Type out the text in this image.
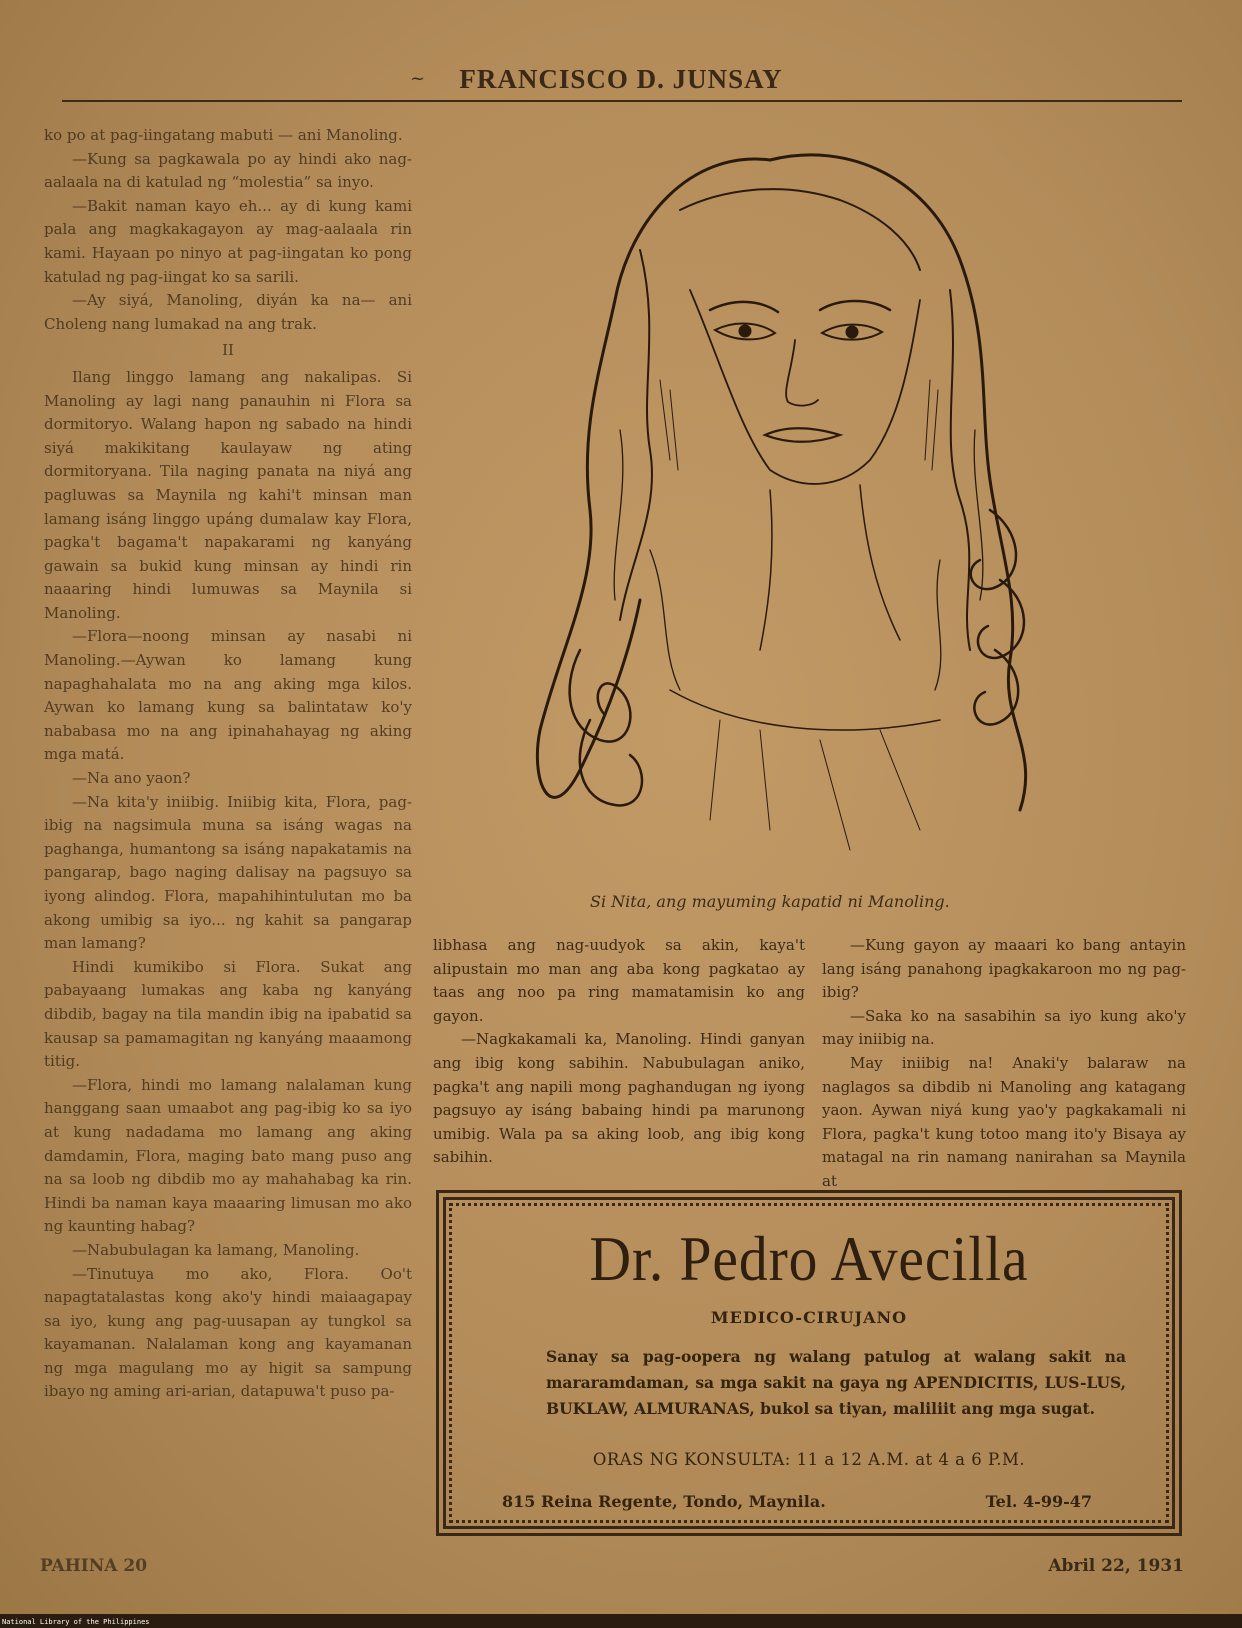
~	FRANCISCO D. JUNSAY

ko po at pag-iingatang mabuti — ani Manoling.

—Kung sa pagkawala po ay hindi ako nag-aalaala na di katulad ng “molestia” sa inyo.

—Bakit naman kayo eh... ay di kung kami pala ang magkakagayon ay mag-aalaala rin kami. Hayaan po ninyo at pag-iingatan ko pong katulad ng pag-iingat ko sa sarili.

—Ay siyá, Manoling, diyán ka na— ani Choleng nang lumakad na ang trak.

II

Ilang linggo lamang ang nakalipas. Si Manoling ay lagi nang panauhin ni Flora sa dormitoryo. Walang hapon ng sabado na hindi siyá makikitang kaulayaw ng ating dormitoryana. Tila naging panata na niyá ang pagluwas sa Maynila ng kahi't minsan man lamang isáng linggo upáng dumalaw kay Flora, pagka't bagama't napakarami ng kanyáng gawain sa bukid kung minsan ay hindi rin naaaring hindi lumuwas sa Maynila si Manoling.

—Flora—noong minsan ay nasabi ni Manoling.—Aywan ko lamang kung napaghahalata mo na ang aking mga kilos. Aywan ko lamang kung sa balintataw ko'y nababasa mo na ang ipinahahayag ng aking mga matá.

—Na ano yaon?

—Na kita'y iniibig. Iniibig kita, Flora, pag-ibig na nagsimula muna sa isáng wagas na paghanga, humantong sa isáng napakatamis na pangarap, bago naging dalisay na pagsuyo sa iyong alindog. Flora, mapahihintulutan mo ba akong umibig sa iyo... ng kahit sa pangarap man lamang?

Hindi kumikibo si Flora. Sukat ang pabayaang lumakas ang kaba ng kanyáng dibdib, bagay na tila mandin ibig na ipabatid sa kausap sa pamamagitan ng kanyáng maaamong titig.

—Flora, hindi mo lamang nalalaman kung hanggang saan umaabot ang pag-ibig ko sa iyo at kung nadadama mo lamang ang aking damdamin, Flora, maging bato mang puso ang na sa loob ng dibdib mo ay mahahabag ka rin. Hindi ba naman kaya maaaring limusan mo ako ng kaunting habag?

—Nabubulagan ka lamang, Manoling.

—Tinutuya mo ako, Flora. Oo't napagtatalastas kong ako'y hindi maiaagapay sa iyo, kung ang pag-uusapan ay tungkol sa kayamanan. Nalalaman kong ang kayamanan ng mga magulang mo ay higit sa sampung ibayo ng aming ari-arian, datapuwa't puso pa-

Si Nita, ang mayuming kapatid ni Manoling.

libhasa ang nag-uudyok sa akin, kaya't alipustain mo man ang aba kong pagkatao ay taas ang noo pa ring mamatamisin ko ang gayon.

—Nagkakamali ka, Manoling. Hindi ganyan ang ibig kong sabihin. Nabubulagan aniko, pagka't ang napili mong paghandugan ng iyong pagsuyo ay isáng babaing hindi pa marunong umibig. Wala pa sa aking loob, ang ibig kong sabihin.

—Kung gayon ay maaari ko bang antayin lang isáng panahong ipagkakaroon mo ng pag-ibig?

—Saka ko na sasabihin sa iyo kung ako'y may iniibig na.

May iniibig na! Anaki'y balaraw na naglagos sa dibdib ni Manoling ang katagang yaon. Aywan niyá kung yao'y pagkakamali ni Flora, pagka't kung totoo mang ito'y Bisaya ay matagal na rin namang nanirahan sa Maynila at

Dr. Pedro Avecilla
MEDICO-CIRUJANO
Sanay sa pag-oopera ng walang patulog at walang sakit na mararamdaman, sa mga sakit na gaya ng APENDICITIS, LUS-LUS, BUKLAW, ALMURANAS, bukol sa tiyan, maliliit ang mga sugat.
ORAS NG KONSULTA: 11 a 12 A.M. at 4 a 6 P.M.
815 Reina Regente, Tondo, Maynila.	Tel. 4-99-47
PAHINA 20	Abril 22, 1931
National Library of the Philippines
